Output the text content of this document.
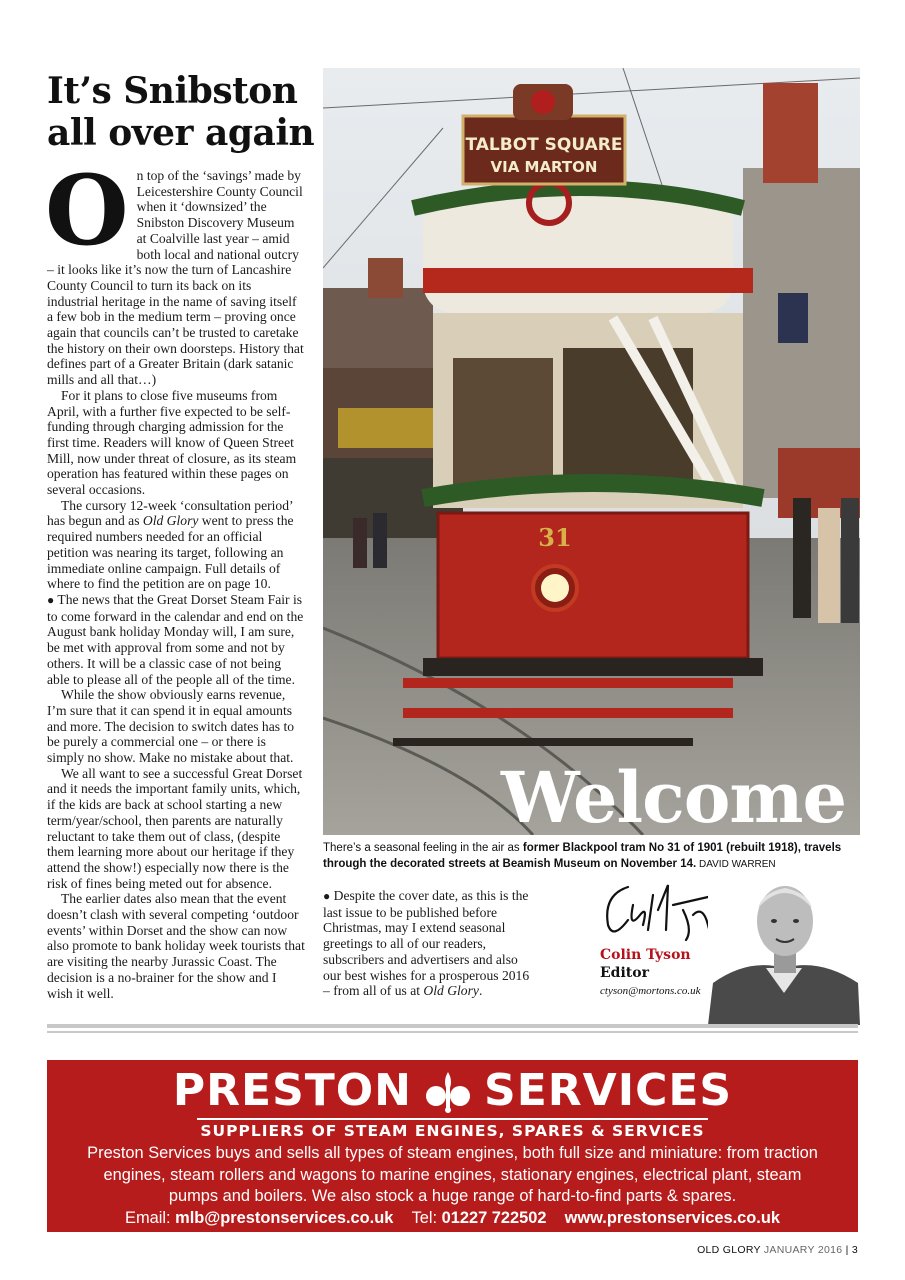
It’s Snibston
all over again

On top of the ‘savings’ made by Leicestershire County Council when it ‘downsized’ the Snibston Discovery Museum at Coalville last year – amid both local and national outcry – it looks like it’s now the turn of Lancashire County Council to turn its back on its industrial heritage in the name of saving itself a few bob in the medium term – proving once again that councils can’t be trusted to caretake the history on their own doorsteps. History that defines part of a Greater Britain (dark satanic mills and all that…)

For it plans to close five museums from April, with a further five expected to be self-funding through charging admission for the first time. Readers will know of Queen Street Mill, now under threat of closure, as its steam operation has featured within these pages on several occasions.

The cursory 12-week ‘consultation period’ has begun and as Old Glory went to press the required numbers needed for an official petition was nearing its target, following an immediate online campaign. Full details of where to find the petition are on page 10.

● The news that the Great Dorset Steam Fair is to come forward in the calendar and end on the August bank holiday Monday will, I am sure, be met with approval from some and not by others. It will be a classic case of not being able to please all of the people all of the time.

While the show obviously earns revenue, I’m sure that it can spend it in equal amounts and more. The decision to switch dates has to be purely a commercial one – or there is simply no show. Make no mistake about that.

We all want to see a successful Great Dorset and it needs the important family units, which, if the kids are back at school starting a new term/year/school, then parents are naturally reluctant to take them out of class, (despite them learning more about our heritage if they attend the show!) especially now there is the risk of fines being meted out for absence.

The earlier dates also mean that the event doesn’t clash with several competing ‘outdoor events’ within Dorset and the show can now also promote to bank holiday week tourists that are visiting the nearby Jurassic Coast. The decision is a no-brainer for the show and I wish it well.

TALBOT SQUARE
VIA MARTON
31
Welcome
There’s a seasonal feeling in the air as former Blackpool tram No 31 of 1901 (rebuilt 1918), travels through the decorated streets at Beamish Museum on November 14. DAVID WARREN

● Despite the cover date, as this is the last issue to be published before Christmas, may I extend seasonal greetings to all of our readers, subscribers and advertisers and also our best wishes for a prosperous 2016 – from all of us at Old Glory.

Colin Tyson
Editor
ctyson@mortons.co.uk
PRESTON SERVICES
SUPPLIERS OF STEAM ENGINES, SPARES & SERVICES
Preston Services buys and sells all types of steam engines, both full size and miniature: from traction engines, steam rollers and wagons to marine engines, stationary engines, electrical plant, steam pumps and boilers. We also stock a huge range of hard-to-find parts & spares.
Email: mlb@prestonservices.co.uk Tel: 01227 722502 www.prestonservices.co.uk
OLD GLORY JANUARY 2016 | 3
